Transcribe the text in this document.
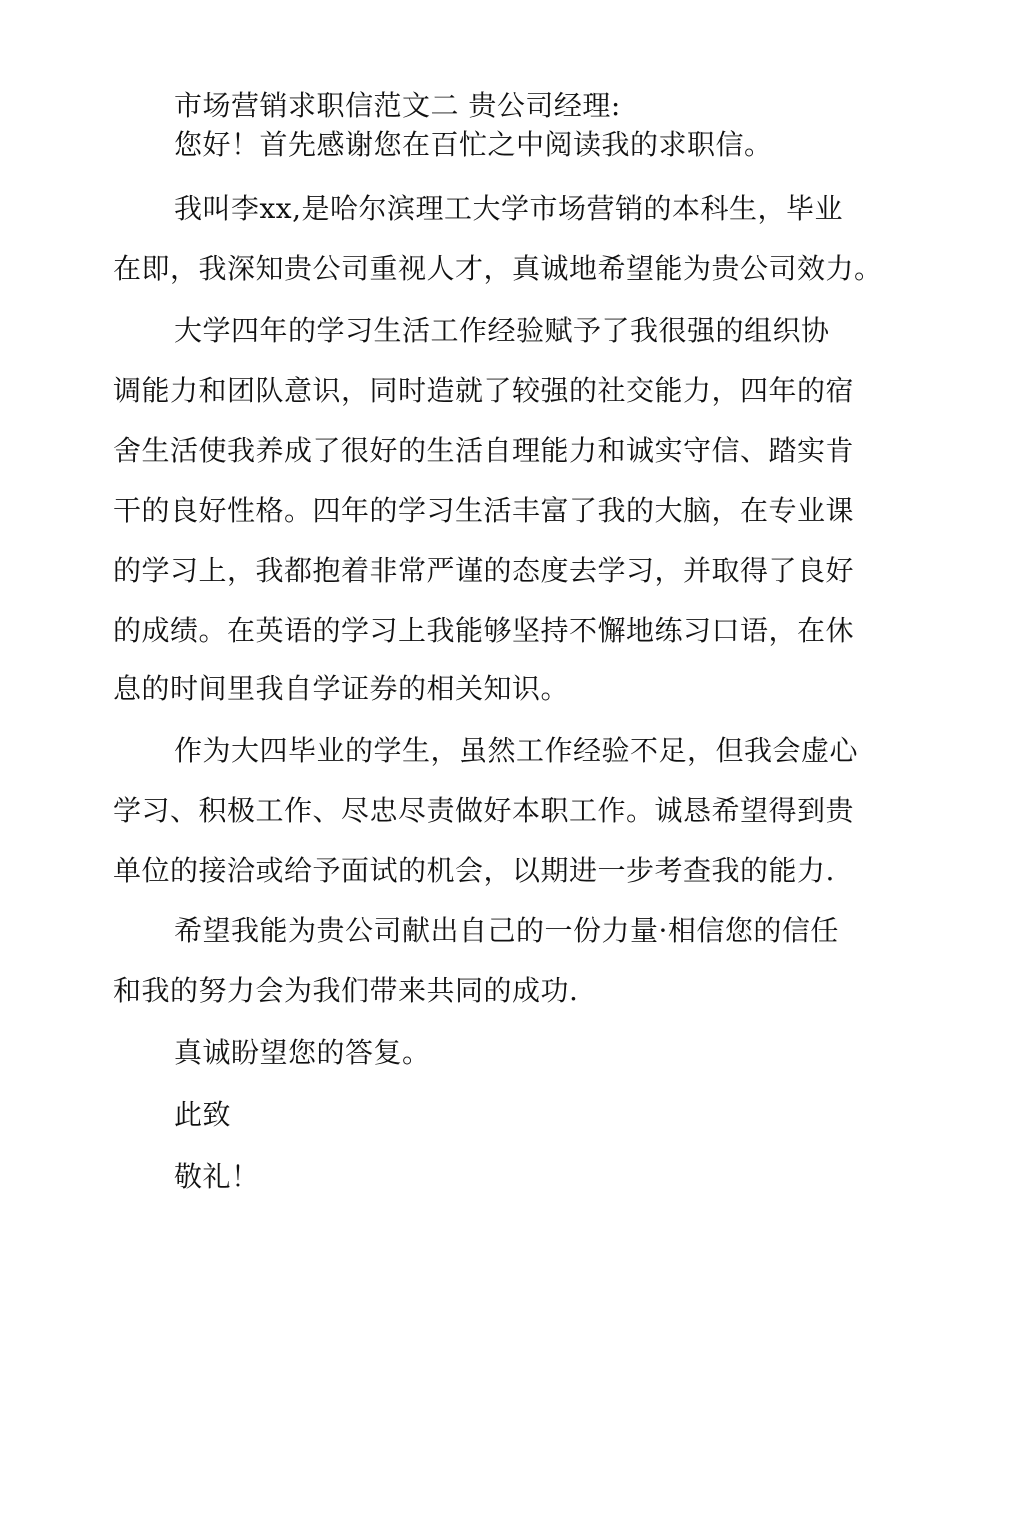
市场营销求职信范文二 贵公司经理:
您好！首先感谢您在百忙之中阅读我的求职信。
我叫李xx,是哈尔滨理工大学市场营销的本科生，毕业
在即，我深知贵公司重视人才，真诚地希望能为贵公司效力。
大学四年的学习生活工作经验赋予了我很强的组织协
调能力和团队意识，同时造就了较强的社交能力，四年的宿
舍生活使我养成了很好的生活自理能力和诚实守信、踏实肯
干的良好性格。四年的学习生活丰富了我的大脑，在专业课
的学习上，我都抱着非常严谨的态度去学习，并取得了良好
的成绩。在英语的学习上我能够坚持不懈地练习口语，在休
息的时间里我自学证券的相关知识。
作为大四毕业的学生，虽然工作经验不足，但我会虚心
学习、积极工作、尽忠尽责做好本职工作。诚恳希望得到贵
单位的接洽或给予面试的机会，以期进一步考查我的能力.
希望我能为贵公司献出自己的一份力量·相信您的信任
和我的努力会为我们带来共同的成功.
真诚盼望您的答复。
此致
敬礼！
